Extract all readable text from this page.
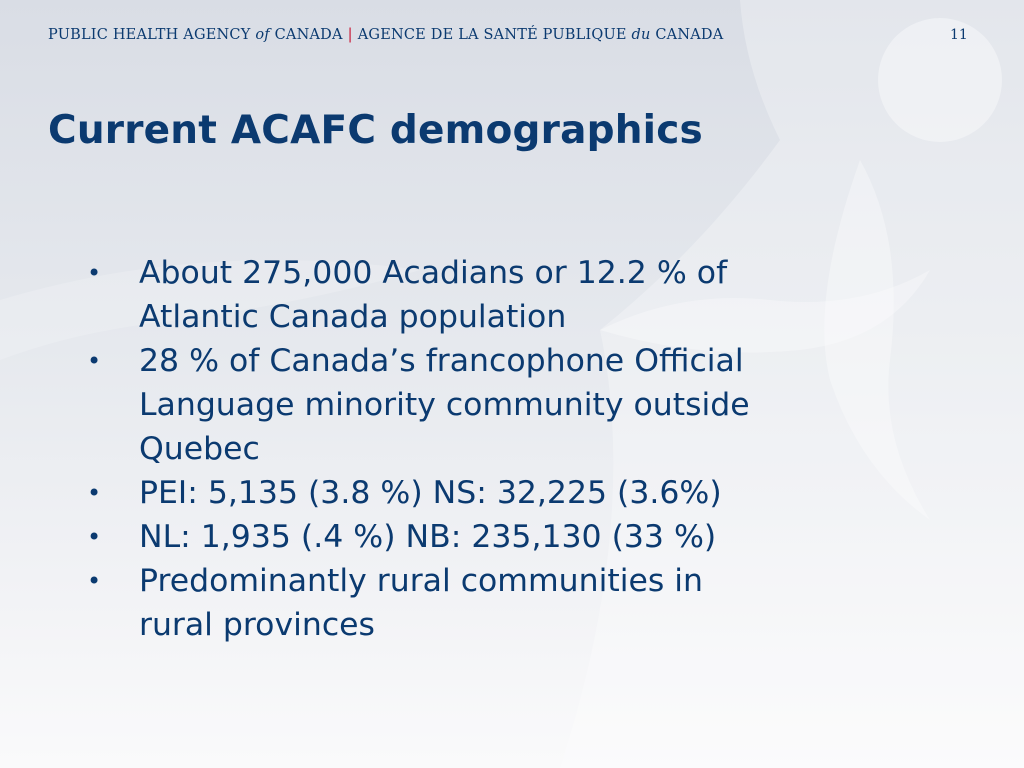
PUBLIC HEALTH AGENCY of CANADA | AGENCE DE LA SANTÉ PUBLIQUE du CANADA	11
Current ACAFC demographics
• About 275,000 Acadians or 12.2 % of
Atlantic Canada population
• 28 % of Canada’s francophone Official
Language minority community outside
Quebec
• PEI: 5,135 (3.8 %) NS: 32,225 (3.6%)
• NL: 1,935 (.4 %) NB: 235,130 (33 %)
• Predominantly rural communities in
rural provinces
